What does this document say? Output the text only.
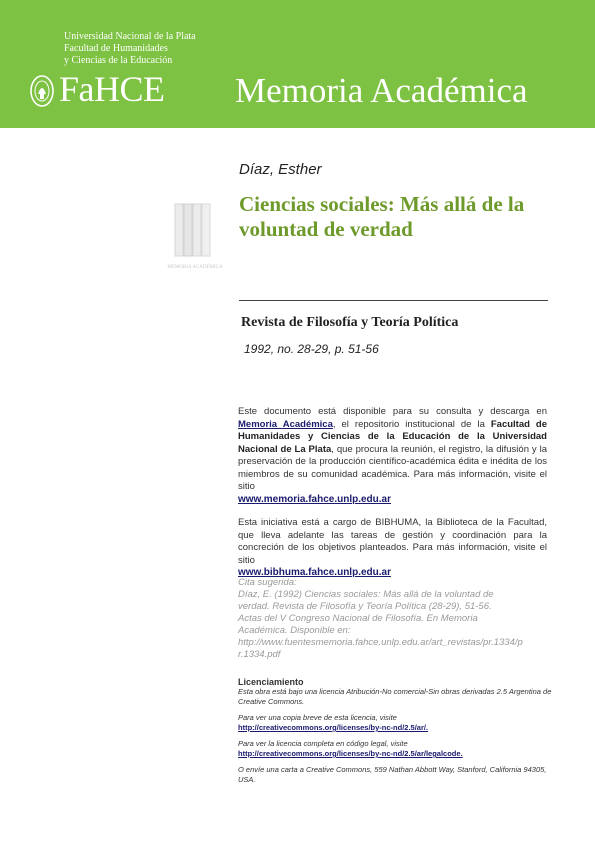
Universidad Nacional de la Plata
Facultad de Humanidades
y Ciencias de la Educación
FaHCE Memoria Académica
MEMORIA ACADÉMICA
Díaz, Esther
Ciencias sociales: Más allá de la voluntad de verdad
Revista de Filosofía y Teoría Política
1992, no. 28-29, p. 51-56

Este documento está disponible para su consulta y descarga en Memoria Académica, el repositorio institucional de la Facultad de Humanidades y Ciencias de la Educación de la Universidad Nacional de La Plata, que procura la reunión, el registro, la difusión y la preservación de la producción científico-académica édita e inédita de los miembros de su comunidad académica. Para más información, visite el sitio

www.memoria.fahce.unlp.edu.ar

Esta iniciativa está a cargo de BIBHUMA, la Biblioteca de la Facultad, que lleva adelante las tareas de gestión y coordinación para la concreción de los objetivos planteados. Para más información, visite el sitio

www.bibhuma.fahce.unlp.edu.ar

Cita sugerida:
Díaz, E. (1992) Ciencias sociales: Más allá de la voluntad de
verdad. Revista de Filosofía y Teoría Política (28-29), 51-56.
Actas del V Congreso Nacional de Filosofía. En Memoria
Académica. Disponible en:
http://www.fuentesmemoria.fahce.unlp.edu.ar/art_revistas/pr.1334/p
r.1334.pdf
Licenciamiento
Esta obra está bajo una licencia Atribución-No comercial-Sin obras derivadas 2.5 Argentina de Creative Commons.
Para ver una copia breve de esta licencia, visite
http://creativecommons.org/licenses/by-nc-nd/2.5/ar/.
Para ver la licencia completa en código legal, visite
http://creativecommons.org/licenses/by-nc-nd/2.5/ar/legalcode.
O envíe una carta a Creative Commons, 559 Nathan Abbott Way, Stanford, California 94305, USA.
